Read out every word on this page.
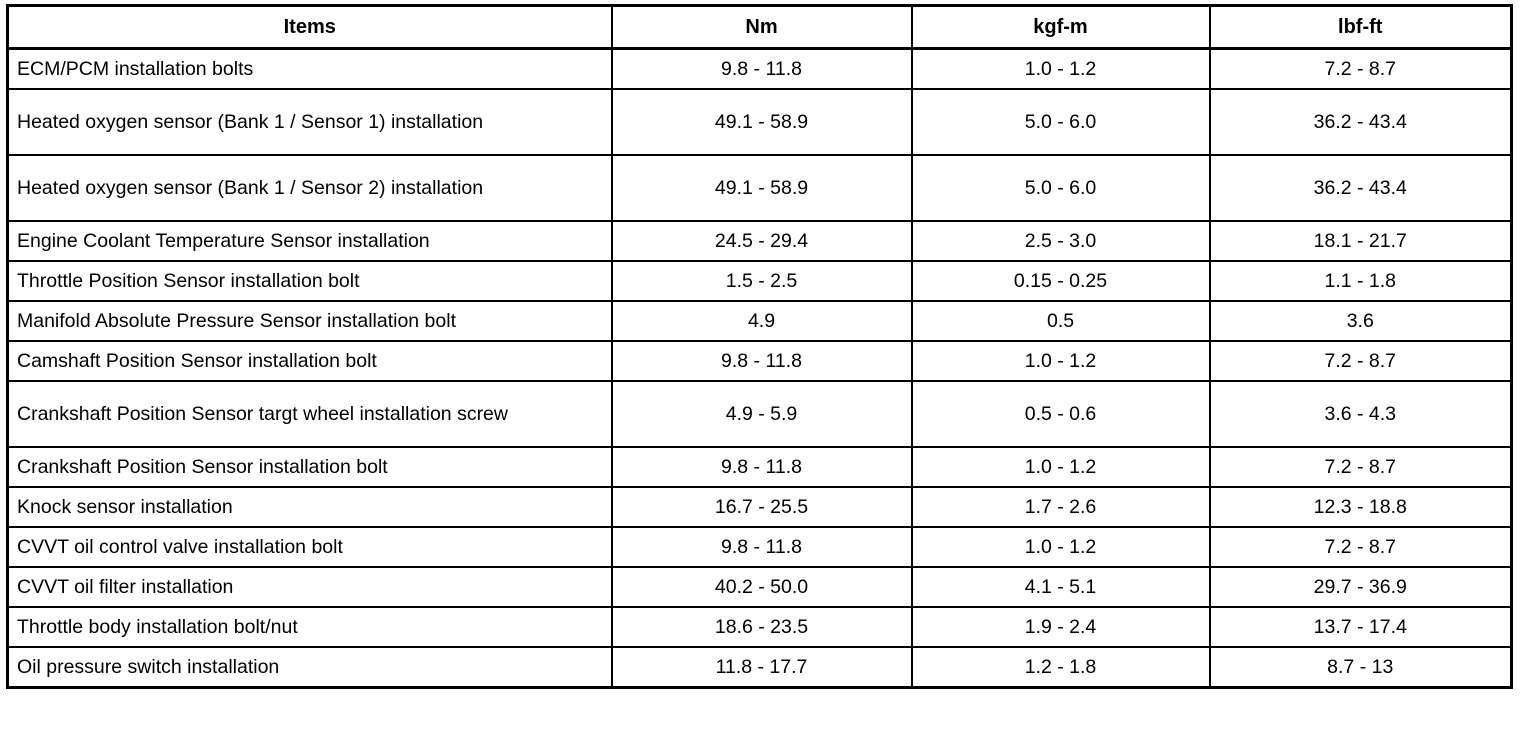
Items	Nm	kgf-m	lbf-ft
ECM/PCM installation bolts	9.8 - 11.8	1.0 - 1.2	7.2 - 8.7
Heated oxygen sensor (Bank 1 / Sensor 1) installation	49.1 - 58.9	5.0 - 6.0	36.2 - 43.4
Heated oxygen sensor (Bank 1 / Sensor 2) installation	49.1 - 58.9	5.0 - 6.0	36.2 - 43.4
Engine Coolant Temperature Sensor installation	24.5 - 29.4	2.5 - 3.0	18.1 - 21.7
Throttle Position Sensor installation bolt	1.5 - 2.5	0.15 - 0.25	1.1 - 1.8
Manifold Absolute Pressure Sensor installation bolt	4.9	0.5	3.6
Camshaft Position Sensor installation bolt	9.8 - 11.8	1.0 - 1.2	7.2 - 8.7
Crankshaft Position Sensor targt wheel installation screw	4.9 - 5.9	0.5 - 0.6	3.6 - 4.3
Crankshaft Position Sensor installation bolt	9.8 - 11.8	1.0 - 1.2	7.2 - 8.7
Knock sensor installation	16.7 - 25.5	1.7 - 2.6	12.3 - 18.8
CVVT oil control valve installation bolt	9.8 - 11.8	1.0 - 1.2	7.2 - 8.7
CVVT oil filter installation	40.2 - 50.0	4.1 - 5.1	29.7 - 36.9
Throttle body installation bolt/nut	18.6 - 23.5	1.9 - 2.4	13.7 - 17.4
Oil pressure switch installation	11.8 - 17.7	1.2 - 1.8	8.7 - 13
